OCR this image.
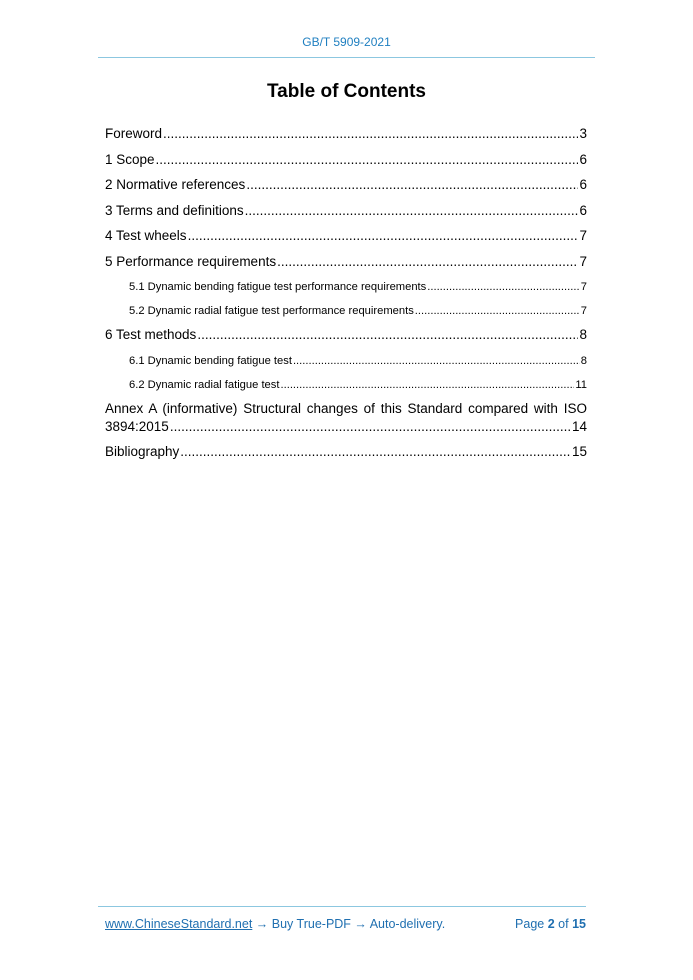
GB/T 5909-2021
Table of Contents
Foreword .....	3
1 Scope .....	6
2 Normative references .....	6
3 Terms and definitions .....	6
4 Test wheels .....	7
5 Performance requirements .....	7
5.1 Dynamic bending fatigue test performance requirements .....	7
5.2 Dynamic radial fatigue test performance requirements .....	7
6 Test methods .....	8
6.1 Dynamic bending fatigue test .....	8
6.2 Dynamic radial fatigue test .....	11
Annex A (informative) Structural changes of this Standard compared with ISO
3894:2015 .....	14
Bibliography .....	15
www.ChineseStandard.net → Buy True-PDF → Auto-delivery.	Page 2 of 15
